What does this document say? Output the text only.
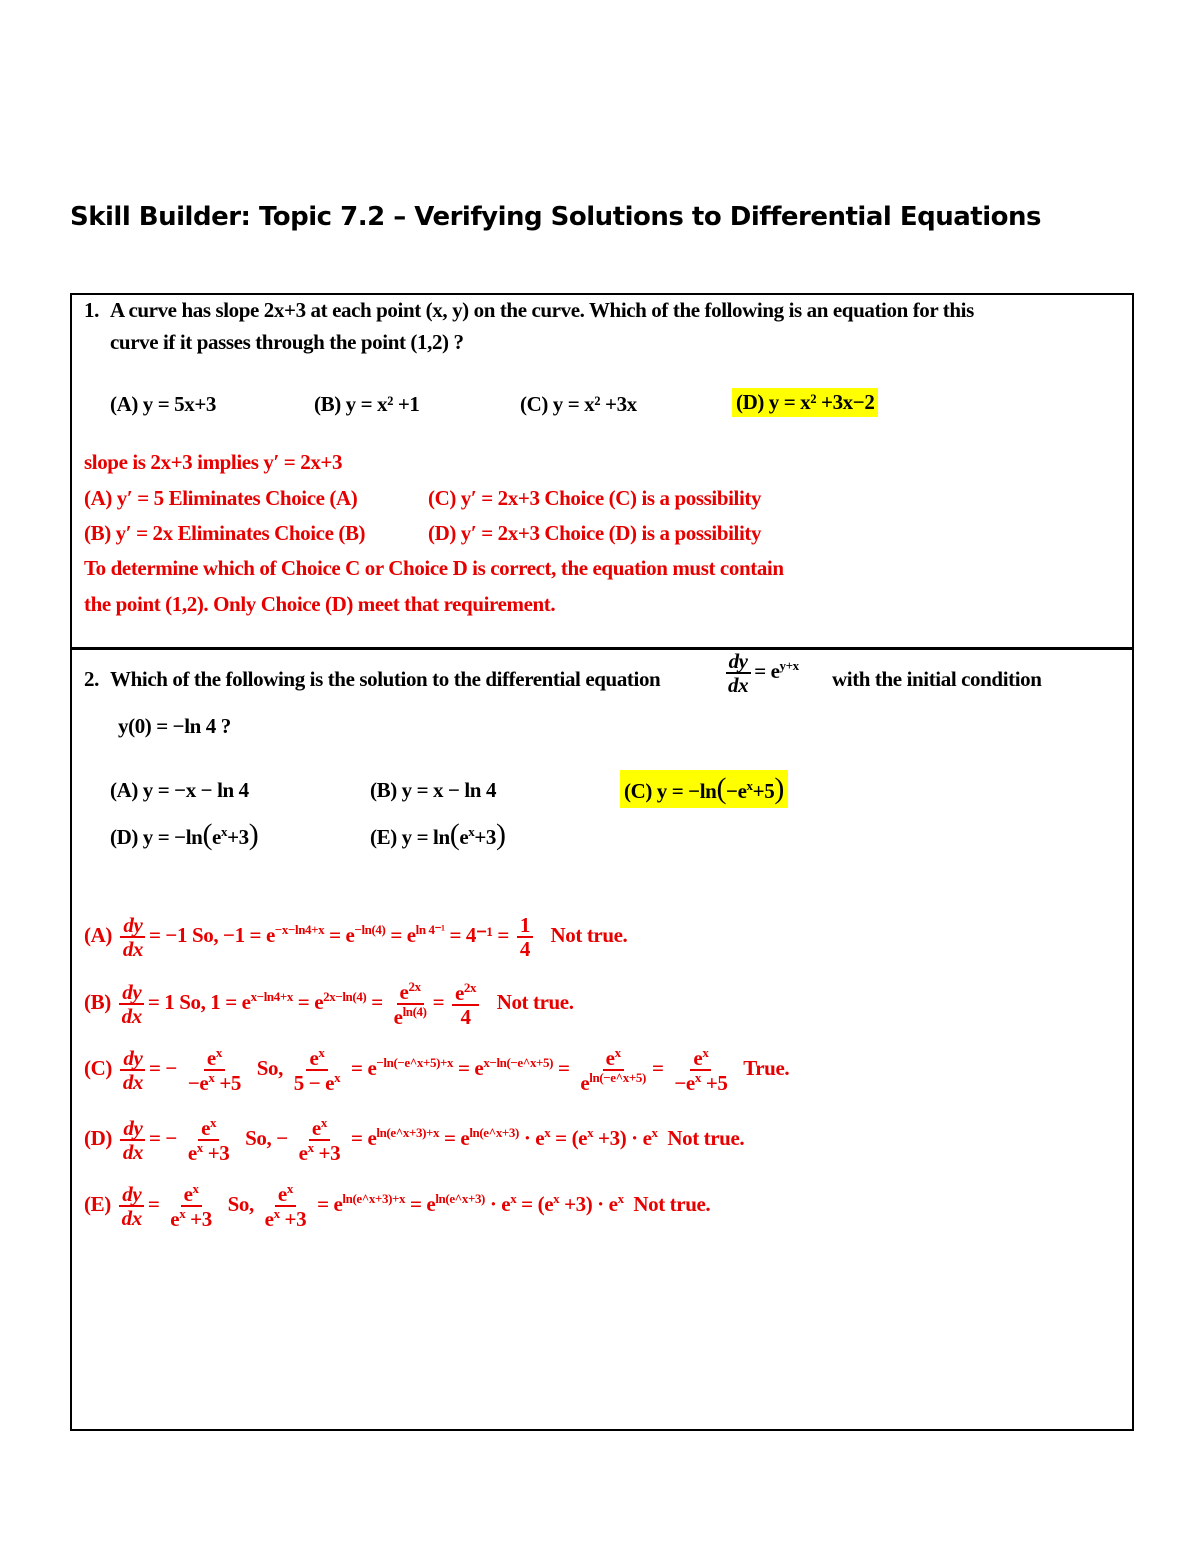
Skill Builder: Topic 7.2 – Verifying Solutions to Differential Equations
1. A curve has slope 2x+3 at each point (x, y) on the curve. Which of the following is an equation for this
curve if it passes through the point (1,2) ?
(A) y = 5x+3	(B) y = x² +1	(C) y = x² +3x	(D) y = x² +3x−2
slope is 2x+3 implies y′ = 2x+3
(A) y′ = 5 Eliminates Choice (A)	(C) y′ = 2x+3 Choice (C) is a possibility
(B) y′ = 2x Eliminates Choice (B)	(D) y′ = 2x+3 Choice (D) is a possibility
To determine which of Choice C or Choice D is correct, the equation must contain
the point (1,2). Only Choice (D) meet that requirement.
2. Which of the following is the solution to the differential equation	$\frac{dy}{dx} = e^{y+x}$
with the initial condition
y(0) = −ln 4 ?
(A) y = −x − ln 4	(B) y = x − ln 4	(C) $y = -\ln(-e^x+5)$
(D) $y = -\ln(e^x+3)$	(E) $y = \ln(e^x+3)$
$(A) \frac{dy}{dx} = -1$ So, $-1 = e^{-x-ln4+x} = e^{-ln(4)} = e^{ln 4^{-1}} = 4^{-1} = \frac{1}{4}$ Not true.
$(B) \frac{dy}{dx} = 1$ So, $1 = e^{x-ln4+x} = e^{2x-ln(4)} = \frac{e^{2x}}{e^{ln(4)}} = \frac{e^{2x}}{4}$ Not true.
$(C) \frac{dy}{dx}$ = − $\frac{e^x}{-e^x +5} So$, $\frac{e^x}{5 - e^x} = e^{-ln(-e\^{}x+5)+x} = e^{x-ln(-e\^{}x+5)} = \frac{e^x}{e^{ln(-e\^{}x+5)}} = \frac{e^x}{-e^x +5}$ True.
$(D) \frac{dy}{dx}$ = − $\frac{e^x}{e^x +3} So$, − $\frac{e^x}{e^x +3} = e^{ln(e\^{}x+3)+x} = e^{ln(e\^{}x+3)} \cdot e^x = (e^x +3) \cdot e^x$ Not true.
$(E) \frac{dy}{dx} = \frac{e^x}{e^x +3} So$, $\frac{e^x}{e^x +3} = e^{ln(e\^{}x+3)+x} = e^{ln(e\^{}x+3)} \cdot e^x = (e^x +3) \cdot e^x$ Not true.
